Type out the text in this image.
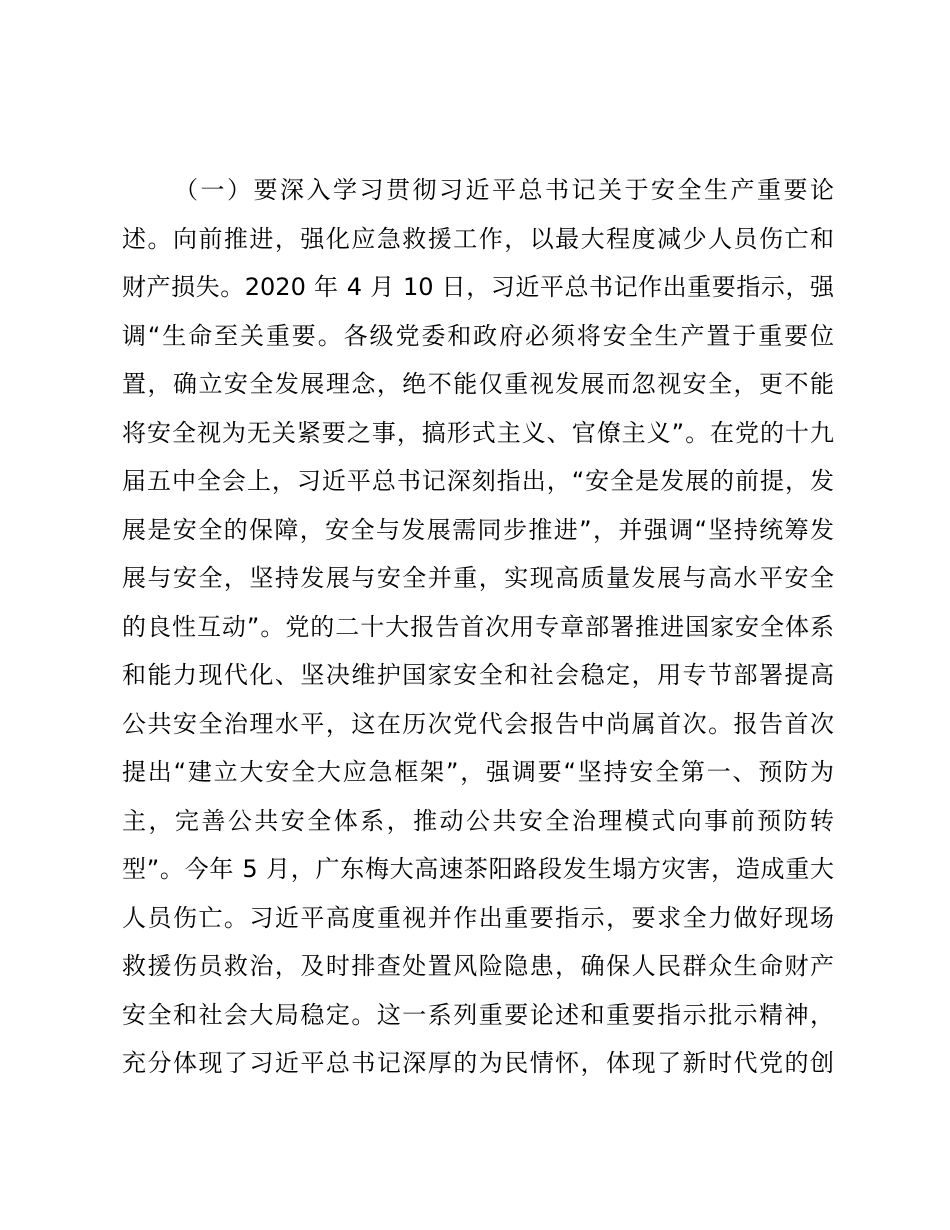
（一）要深入学习贯彻习近平总书记关于安全生产重要论
述。向前推进，强化应急救援工作，以最大程度减少人员伤亡和
财产损失。2020 年 4 月 10 日，习近平总书记作出重要指示，强
调“生命至关重要。各级党委和政府必须将安全生产置于重要位
置，确立安全发展理念，绝不能仅重视发展而忽视安全，更不能
将安全视为无关紧要之事，搞形式主义、官僚主义”。在党的十九
届五中全会上，习近平总书记深刻指出，“安全是发展的前提，发
展是安全的保障，安全与发展需同步推进”，并强调“坚持统筹发
展与安全，坚持发展与安全并重，实现高质量发展与高水平安全
的良性互动”。党的二十大报告首次用专章部署推进国家安全体系
和能力现代化、坚决维护国家安全和社会稳定，用专节部署提高
公共安全治理水平，这在历次党代会报告中尚属首次。报告首次
提出“建立大安全大应急框架”，强调要“坚持安全第一、预防为
主，完善公共安全体系，推动公共安全治理模式向事前预防转
型”。今年 5 月，广东梅大高速茶阳路段发生塌方灾害，造成重大
人员伤亡。习近平高度重视并作出重要指示，要求全力做好现场
救援伤员救治，及时排查处置风险隐患，确保人民群众生命财产
安全和社会大局稳定。这一系列重要论述和重要指示批示精神，
充分体现了习近平总书记深厚的为民情怀，体现了新时代党的创
